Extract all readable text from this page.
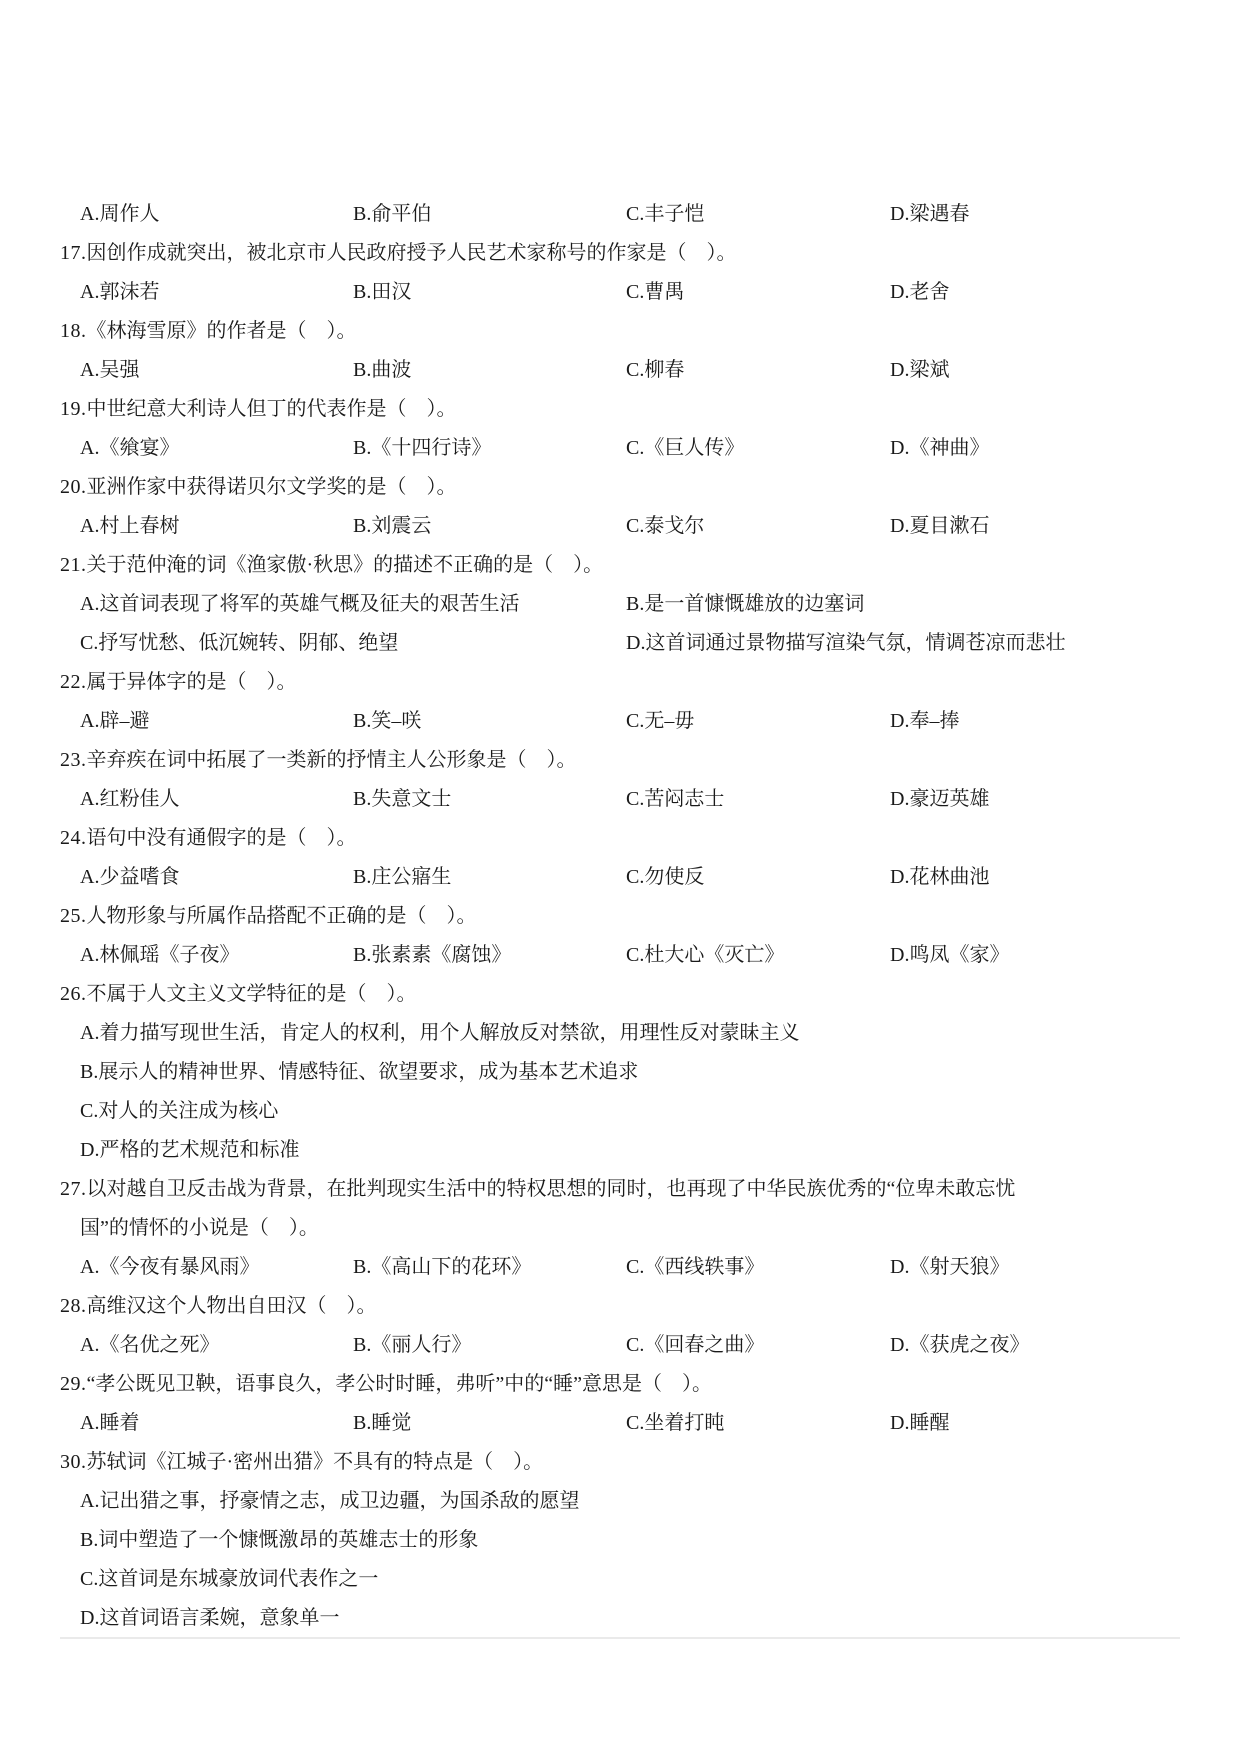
A.周作人	B.俞平伯	C.丰子恺	D.梁遇春
17.因创作成就突出，被北京市人民政府授予人民艺术家称号的作家是（　）。
A.郭沫若	B.田汉	C.曹禺	D.老舍
18.《林海雪原》的作者是（　）。
A.吴强	B.曲波	C.柳春	D.梁斌
19.中世纪意大利诗人但丁的代表作是（　）。
A.《飨宴》	B.《十四行诗》	C.《巨人传》	D.《神曲》
20.亚洲作家中获得诺贝尔文学奖的是（　）。
A.村上春树	B.刘震云	C.泰戈尔	D.夏目漱石
21.关于范仲淹的词《渔家傲·秋思》的描述不正确的是（　）。
A.这首词表现了将军的英雄气概及征夫的艰苦生活	B.是一首慷慨雄放的边塞词
C.抒写忧愁、低沉婉转、阴郁、绝望	D.这首词通过景物描写渲染气氛，情调苍凉而悲壮
22.属于异体字的是（　）。
A.辟–避	B.笑–咲	C.无–毋	D.奉–捧
23.辛弃疾在词中拓展了一类新的抒情主人公形象是（　）。
A.红粉佳人	B.失意文士	C.苦闷志士	D.豪迈英雄
24.语句中没有通假字的是（　）。
A.少益嗜食	B.庄公寤生	C.勿使反	D.花林曲池
25.人物形象与所属作品搭配不正确的是（　）。
A.林佩瑶《子夜》	B.张素素《腐蚀》	C.杜大心《灭亡》	D.鸣凤《家》
26.不属于人文主义文学特征的是（　）。
A.着力描写现世生活，肯定人的权利，用个人解放反对禁欲，用理性反对蒙昧主义
B.展示人的精神世界、情感特征、欲望要求，成为基本艺术追求
C.对人的关注成为核心
D.严格的艺术规范和标准
27.以对越自卫反击战为背景，在批判现实生活中的特权思想的同时，也再现了中华民族优秀的“位卑未敢忘忧
国”的情怀的小说是（　）。
A.《今夜有暴风雨》	B.《高山下的花环》	C.《西线轶事》	D.《射天狼》
28.高维汉这个人物出自田汉（　）。
A.《名优之死》	B.《丽人行》	C.《回春之曲》	D.《获虎之夜》
29.“孝公既见卫鞅，语事良久，孝公时时睡，弗听”中的“睡”意思是（　）。
A.睡着	B.睡觉	C.坐着打盹	D.睡醒
30.苏轼词《江城子·密州出猎》不具有的特点是（　）。
A.记出猎之事，抒豪情之志，成卫边疆，为国杀敌的愿望
B.词中塑造了一个慷慨激昂的英雄志士的形象
C.这首词是东城豪放词代表作之一
D.这首词语言柔婉，意象单一
